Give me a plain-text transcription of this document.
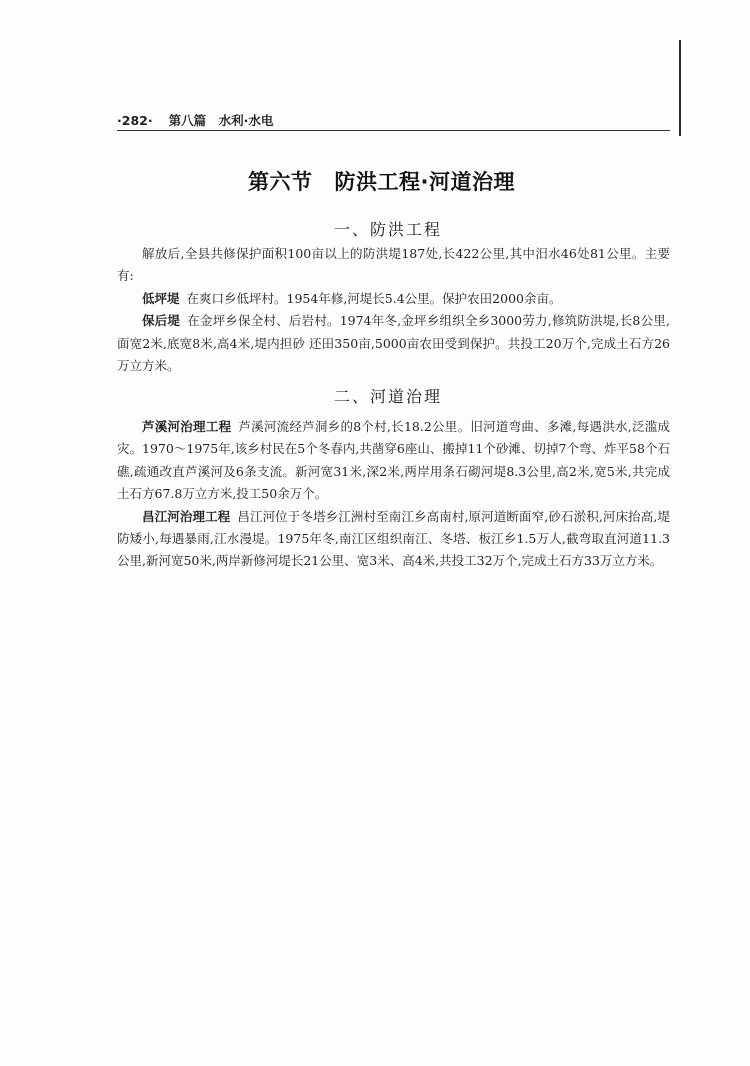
·282· 第八篇　水利·水电
第六节 防洪工程·河道治理
一、防洪工程

解放后,全县共修保护面积100亩以上的防洪堤187处,长422公里,其中汨水46处81公里。主要有:

低坪堤 在爽口乡低坪村。1954年修,河堤长5.4公里。保护农田2000余亩。

保后堤 在金坪乡保全村、后岩村。1974年冬,金坪乡组织全乡3000劳力,修筑防洪堤,长8公里,面宽2米,底宽8米,高4米,堤内担砂 还田350亩,5000亩农田受到保护。共投工20万个,完成土石方26万立方米。

二、河道治理

芦溪河治理工程 芦溪河流经芦洞乡的8个村,长18.2公里。旧河道弯曲、多滩,每遇洪水,泛滥成灾。1970～1975年,该乡村民在5个冬春内,共凿穿6座山、搬掉11个砂滩、切掉7个弯、炸平58个石礁,疏通改直芦溪河及6条支流。新河宽31米,深2米,两岸用条石砌河堤8.3公里,高2米,宽5米,共完成土石方67.8万立方米,投工50余万个。

昌江河治理工程 昌江河位于冬塔乡江洲村至南江乡高南村,原河道断面窄,砂石淤积,河床抬高,堤防矮小,每遇暴雨,江水漫堤。1975年冬,南江区组织南江、冬塔、板江乡1.5万人,截弯取直河道11.3公里,新河宽50米,两岸新修河堤长21公里、宽3米、高4米,共投工32万个,完成土石方33万立方米。
